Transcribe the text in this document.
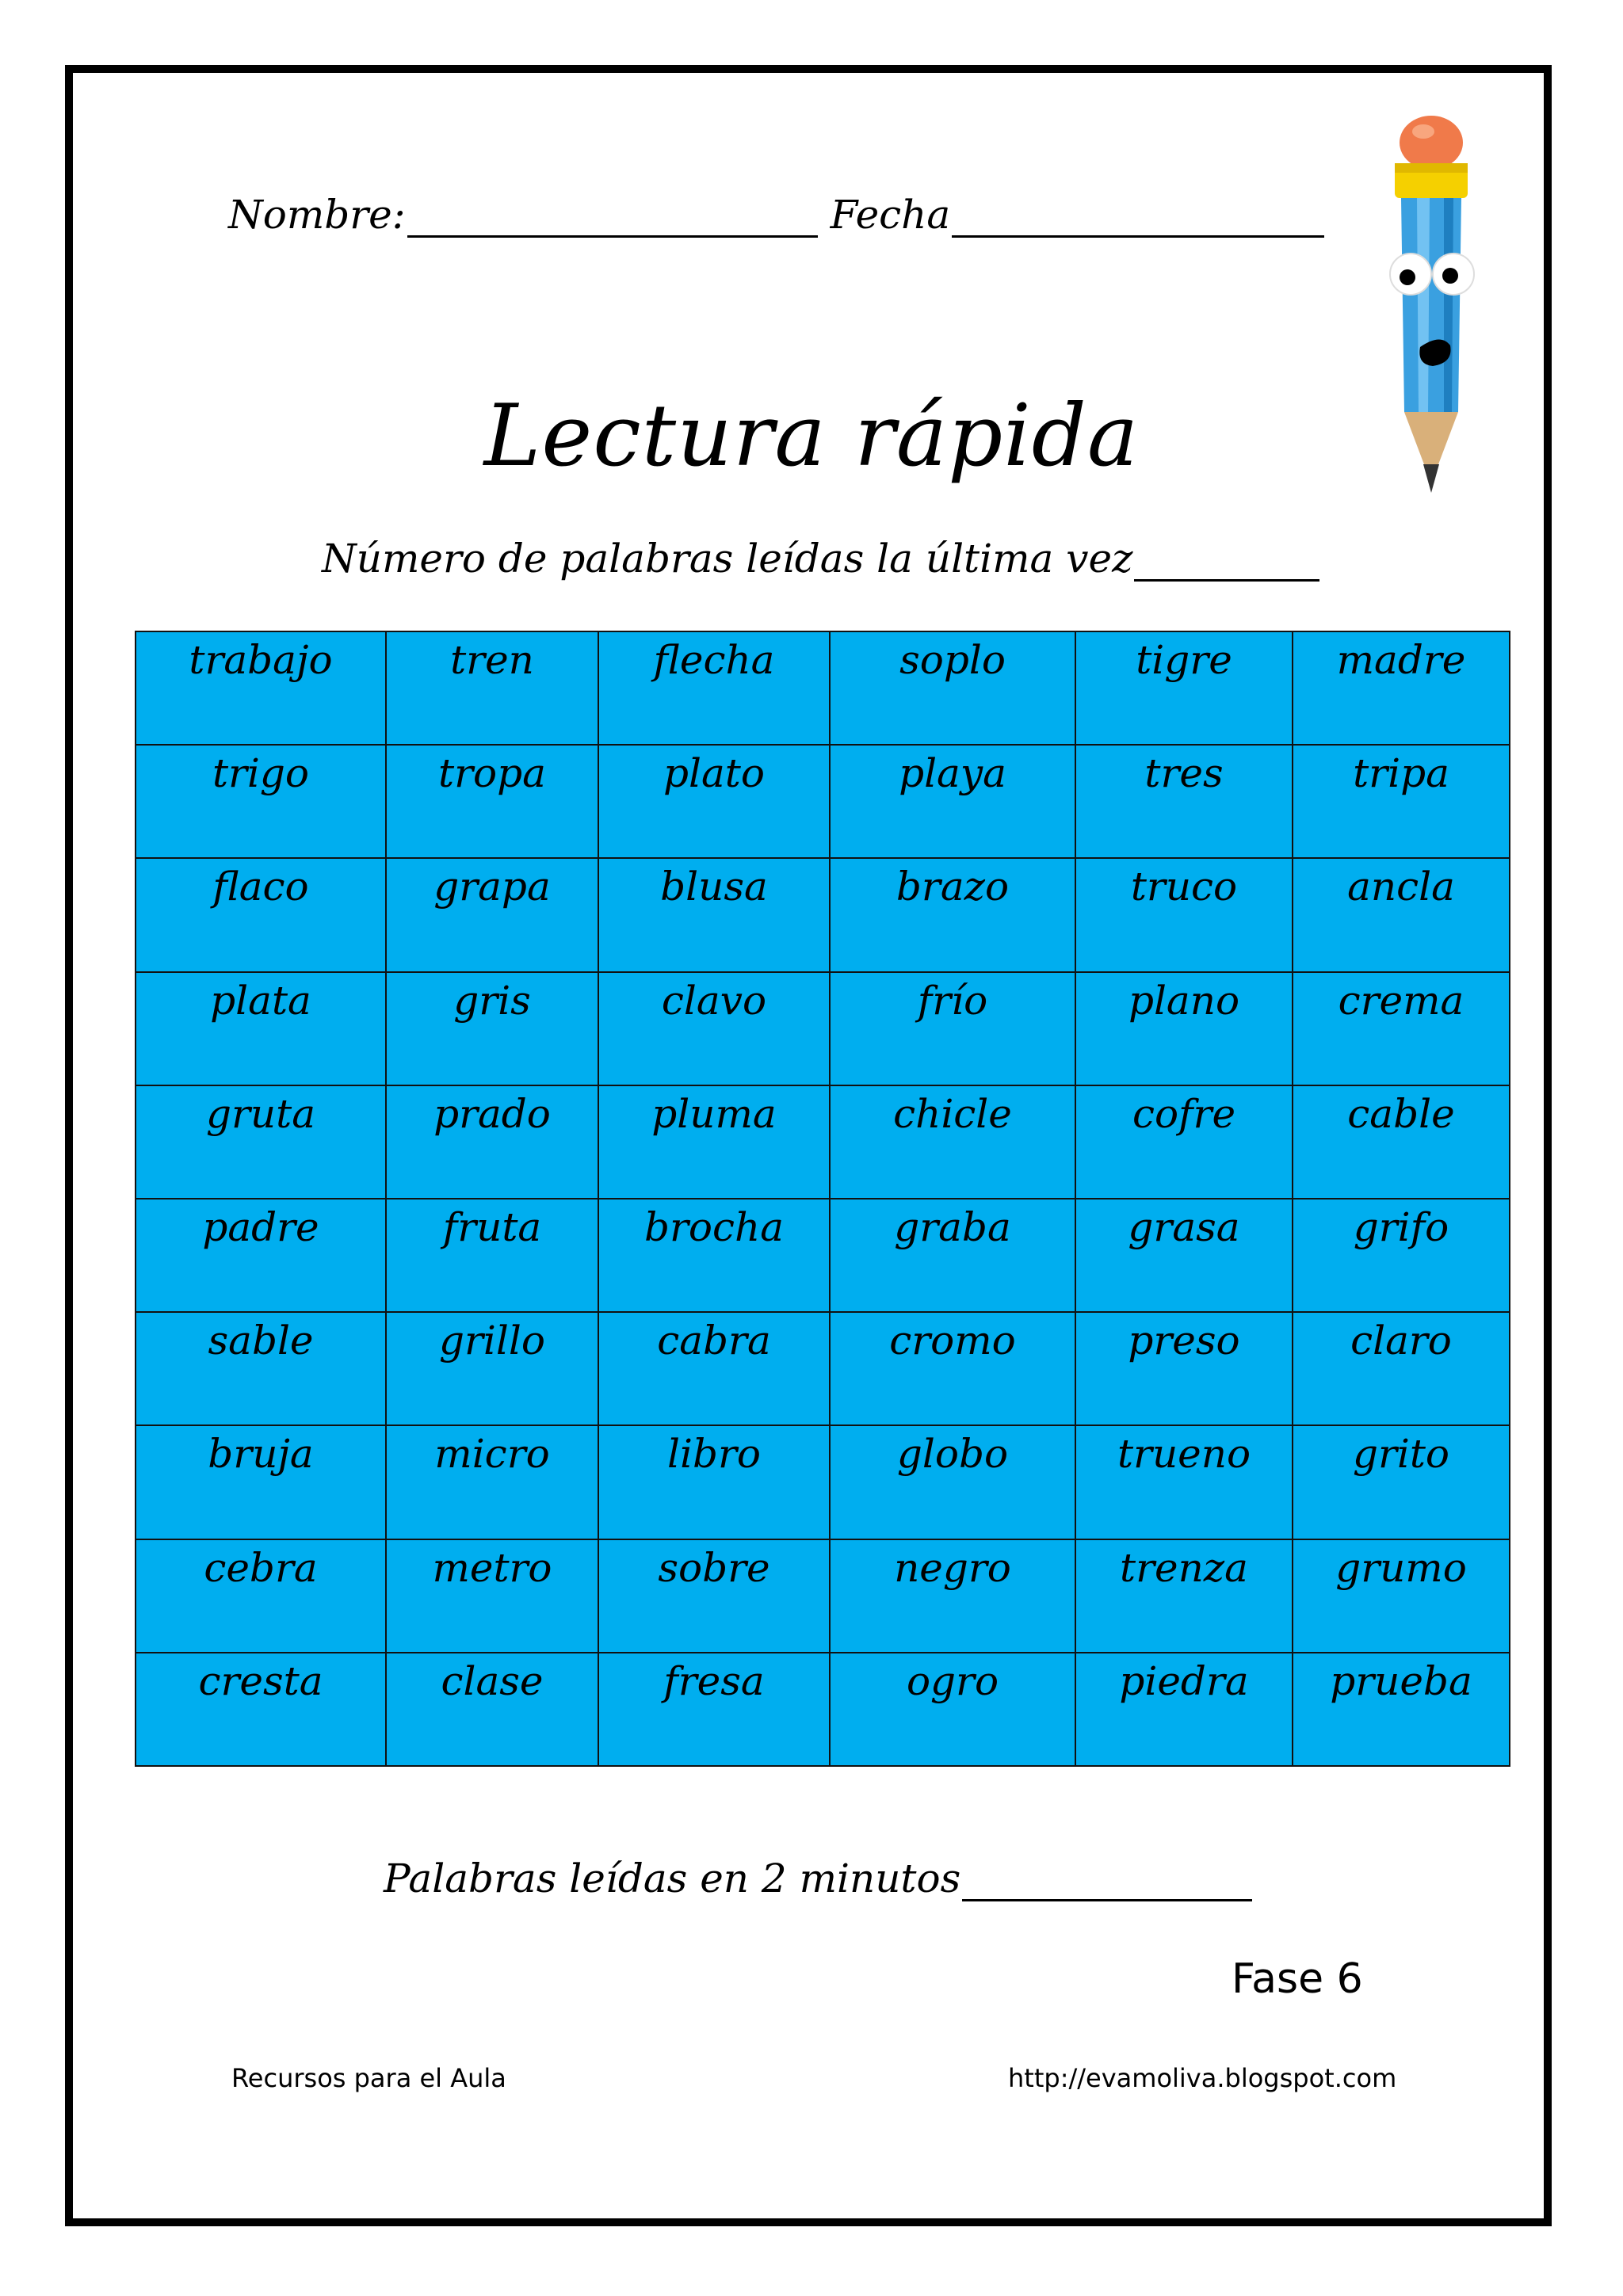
Nombre:	Fecha
Lectura rápida
Número de palabras leídas la última vez
trabajo	tren	flecha	soplo	tigre	madre
trigo	tropa	plato	playa	tres	tripa
flaco	grapa	blusa	brazo	truco	ancla
plata	gris	clavo	frío	plano	crema
gruta	prado	pluma	chicle	cofre	cable
padre	fruta	brocha	graba	grasa	grifo
sable	grillo	cabra	cromo	preso	claro
bruja	micro	libro	globo	trueno	grito
cebra	metro	sobre	negro	trenza	grumo
cresta	clase	fresa	ogro	piedra	prueba
Palabras leídas en 2 minutos
Fase 6
Recursos para el Aula	http://evamoliva.blogspot.com
